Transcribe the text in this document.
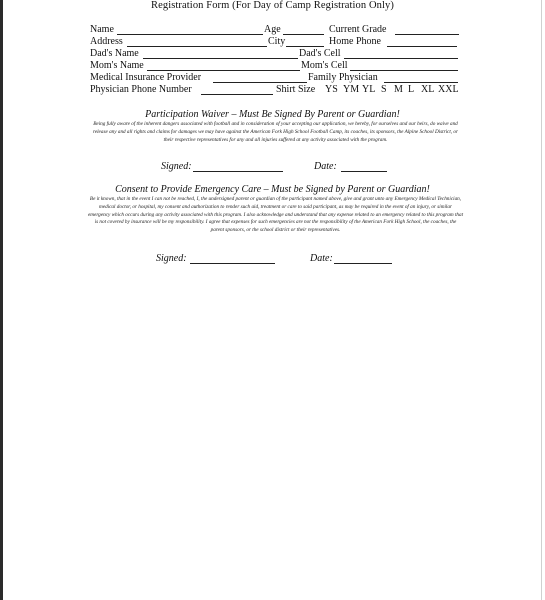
Registration Form (For Day of Camp Registration Only)
Name	Age	Current Grade
Address	City	Home Phone
Dad's Name	Dad's Cell
Mom's Name	Mom's Cell
Medical Insurance Provider	Family Physician
Physician Phone Number	Shirt Size YS YM YL S M L XL XXL
Participation Waiver – Must Be Signed By Parent or Guardian!
Being fully aware of the inherent dangers associated with football and in consideration of your accepting our application, we hereby, for ourselves and our heirs, do waive and release any and all rights and claims for damages we may have against the American Fork High School Football Camp, its coaches, its sponsors, the Alpine School District, or their respective representatives for any and all injuries suffered at any activity associated with the program.
Signed:	Date:
Consent to Provide Emergency Care – Must be Signed by Parent or Guardian!
Be it known, that in the event I can not be reached, I, the undersigned parent or guardian of the participant named above, give and grant unto any Emergency Medical Technician, medical doctor, or hospital, my consent and authorization to render such aid, treatment or care to said participant, as may be required in the event of an injury, or similar emergency which occurs during any activity associated with this program. I also acknowledge and understand that any expense related to an emergency related to this program that is not covered by insurance will be my responsibility. I agree that expenses for such emergencies are not the responsibility of the American Fork High School, the coaches, the parent sponsors, or the school district or their representatives.
Signed:	Date:
